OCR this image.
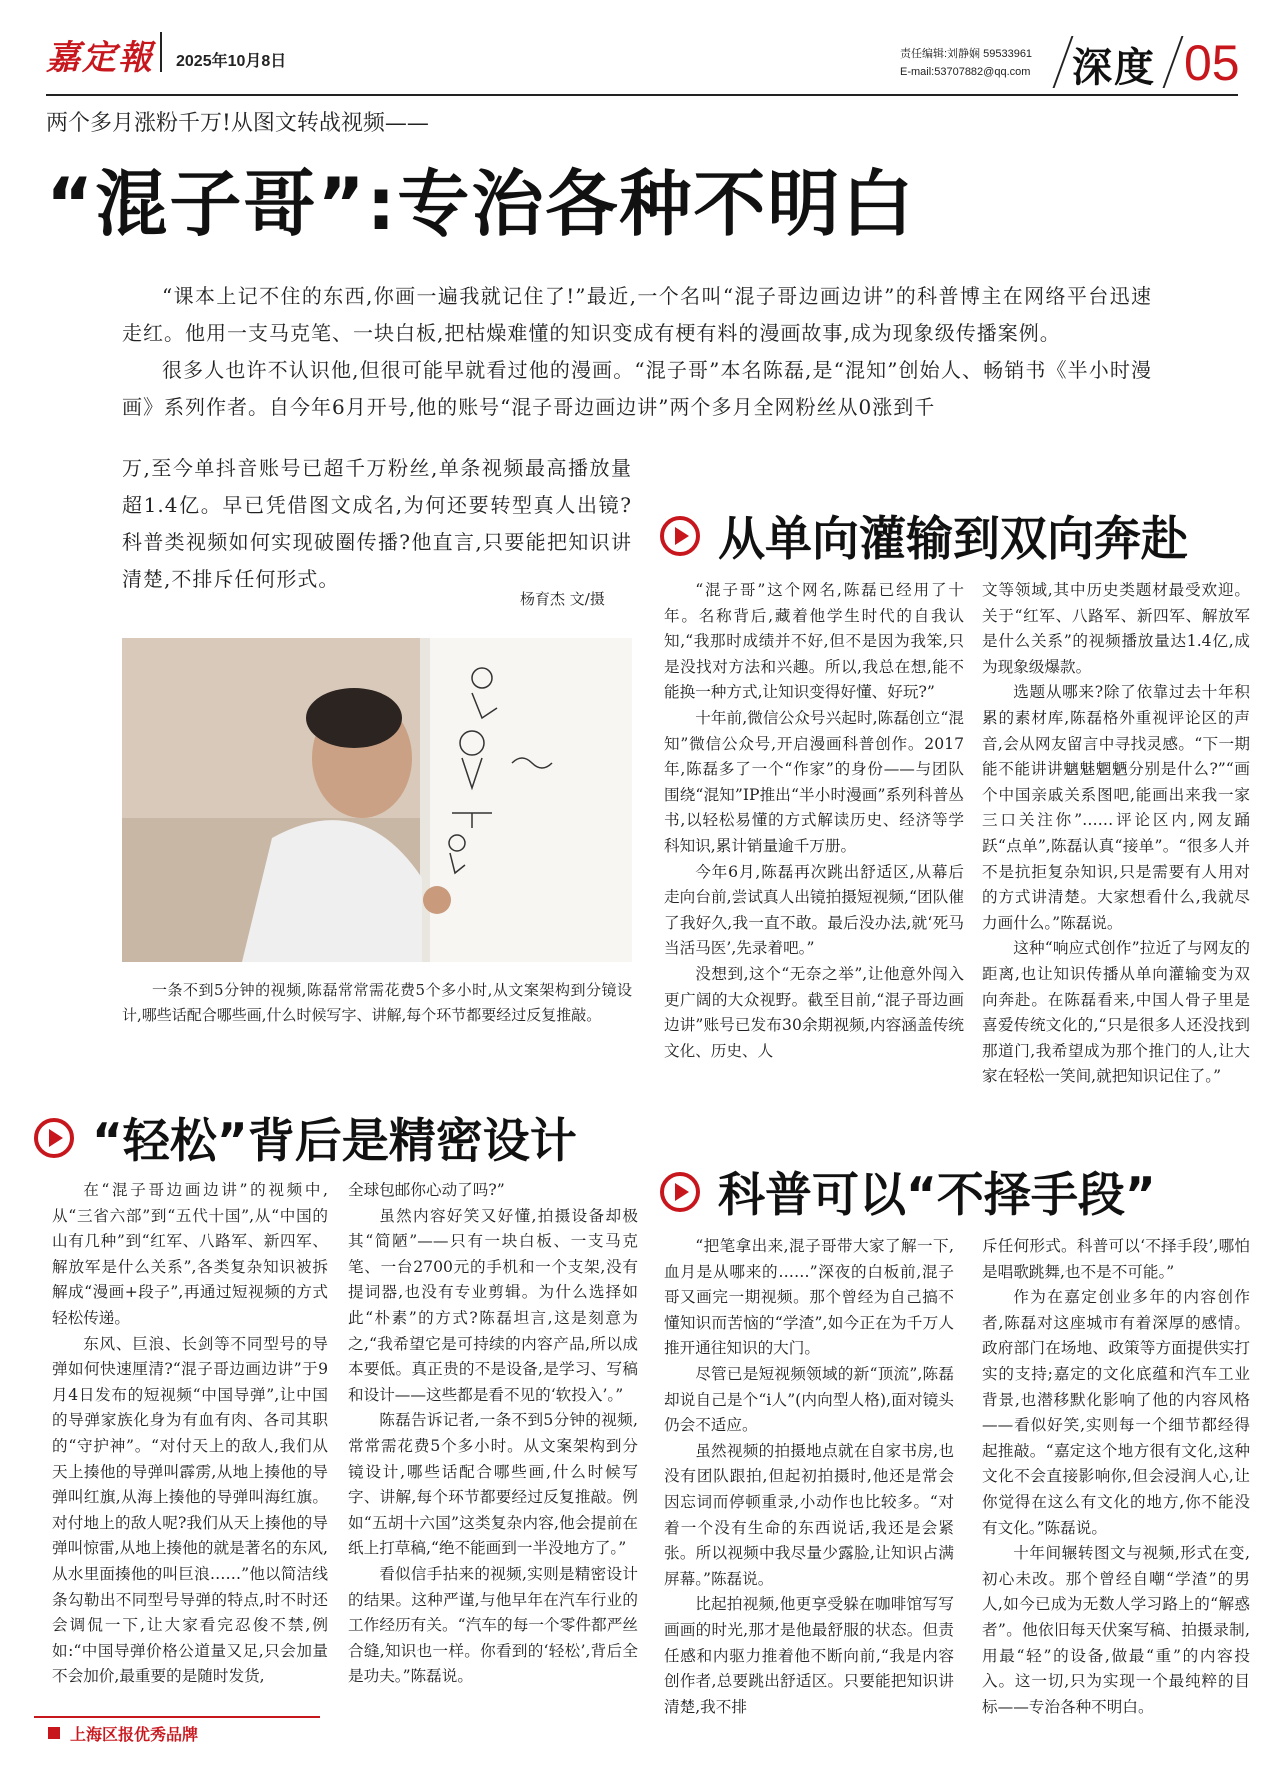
嘉定報 2025年10月8日	责任编辑:刘静娴 59533961
E-mail:53707882@qq.com	深度 05
两个多月涨粉千万!从图文转战视频——
“混子哥”:专治各种不明白

“课本上记不住的东西,你画一遍我就记住了!”最近,一个名叫“混子哥边画边讲”的科普博主在网络平台迅速走红。他用一支马克笔、一块白板,把枯燥难懂的知识变成有梗有料的漫画故事,成为现象级传播案例。

很多人也许不认识他,但很可能早就看过他的漫画。“混子哥”本名陈磊,是“混知”创始人、畅销书《半小时漫画》系列作者。自今年6月开号,他的账号“混子哥边画边讲”两个多月全网粉丝从0涨到千

万,至今单抖音账号已超千万粉丝,单条视频最高播放量超1.4亿。早已凭借图文成名,为何还要转型真人出镜?科普类视频如何实现破圈传播?他直言,只要能把知识讲清楚,不排斥任何形式。

杨育杰 文/摄
一条不到5分钟的视频,陈磊常常需花费5个多小时,从文案架构到分镜设计,哪些话配合哪些画,什么时候写字、讲解,每个环节都要经过反复推敲。
从单向灌输到双向奔赴

“混子哥”这个网名,陈磊已经用了十年。名称背后,藏着他学生时代的自我认知,“我那时成绩并不好,但不是因为我笨,只是没找对方法和兴趣。所以,我总在想,能不能换一种方式,让知识变得好懂、好玩?”

十年前,微信公众号兴起时,陈磊创立“混知”微信公众号,开启漫画科普创作。2017年,陈磊多了一个“作家”的身份——与团队围绕“混知”IP推出“半小时漫画”系列科普丛书,以轻松易懂的方式解读历史、经济等学科知识,累计销量逾千万册。

今年6月,陈磊再次跳出舒适区,从幕后走向台前,尝试真人出镜拍摄短视频,“团队催了我好久,我一直不敢。最后没办法,就‘死马当活马医’,先录着吧。”

没想到,这个“无奈之举”,让他意外闯入更广阔的大众视野。截至目前,“混子哥边画边讲”账号已发布30余期视频,内容涵盖传统文化、历史、人

文等领域,其中历史类题材最受欢迎。关于“红军、八路军、新四军、解放军是什么关系”的视频播放量达1.4亿,成为现象级爆款。

选题从哪来?除了依靠过去十年积累的素材库,陈磊格外重视评论区的声音,会从网友留言中寻找灵感。“下一期能不能讲讲魑魅魍魉分别是什么?”“画个中国亲戚关系图吧,能画出来我一家三口关注你”……评论区内,网友踊跃“点单”,陈磊认真“接单”。“很多人并不是抗拒复杂知识,只是需要有人用对的方式讲清楚。大家想看什么,我就尽力画什么。”陈磊说。

这种“响应式创作”拉近了与网友的距离,也让知识传播从单向灌输变为双向奔赴。在陈磊看来,中国人骨子里是喜爱传统文化的,“只是很多人还没找到那道门,我希望成为那个推门的人,让大家在轻松一笑间,就把知识记住了。”

“轻松”背后是精密设计

在“混子哥边画边讲”的视频中,从“三省六部”到“五代十国”,从“中国的山有几种”到“红军、八路军、新四军、解放军是什么关系”,各类复杂知识被拆解成“漫画+段子”,再通过短视频的方式轻松传递。

东风、巨浪、长剑等不同型号的导弹如何快速厘清?“混子哥边画边讲”于9月4日发布的短视频“中国导弹”,让中国的导弹家族化身为有血有肉、各司其职的“守护神”。“对付天上的敌人,我们从天上揍他的导弹叫霹雳,从地上揍他的导弹叫红旗,从海上揍他的导弹叫海红旗。对付地上的敌人呢?我们从天上揍他的导弹叫惊雷,从地上揍他的就是著名的东风,从水里面揍他的叫巨浪……”他以简洁线条勾勒出不同型号导弹的特点,时不时还会调侃一下,让大家看完忍俊不禁,例如:“中国导弹价格公道量又足,只会加量不会加价,最重要的是随时发货,

全球包邮你心动了吗?”

虽然内容好笑又好懂,拍摄设备却极其“简陋”——只有一块白板、一支马克笔、一台2700元的手机和一个支架,没有提词器,也没有专业剪辑。为什么选择如此“朴素”的方式?陈磊坦言,这是刻意为之,“我希望它是可持续的内容产品,所以成本要低。真正贵的不是设备,是学习、写稿和设计——这些都是看不见的‘软投入’。”

陈磊告诉记者,一条不到5分钟的视频,常常需花费5个多小时。从文案架构到分镜设计,哪些话配合哪些画,什么时候写字、讲解,每个环节都要经过反复推敲。例如“五胡十六国”这类复杂内容,他会提前在纸上打草稿,“绝不能画到一半没地方了。”

看似信手拈来的视频,实则是精密设计的结果。这种严谨,与他早年在汽车行业的工作经历有关。“汽车的每一个零件都严丝合缝,知识也一样。你看到的‘轻松’,背后全是功夫。”陈磊说。

科普可以“不择手段”

“把笔拿出来,混子哥带大家了解一下,血月是从哪来的……”深夜的白板前,混子哥又画完一期视频。那个曾经为自己搞不懂知识而苦恼的“学渣”,如今正在为千万人推开通往知识的大门。

尽管已是短视频领域的新“顶流”,陈磊却说自己是个“i人”(内向型人格),面对镜头仍会不适应。

虽然视频的拍摄地点就在自家书房,也没有团队跟拍,但起初拍摄时,他还是常会因忘词而停顿重录,小动作也比较多。“对着一个没有生命的东西说话,我还是会紧张。所以视频中我尽量少露脸,让知识占满屏幕。”陈磊说。

比起拍视频,他更享受躲在咖啡馆写写画画的时光,那才是他最舒服的状态。但责任感和内驱力推着他不断向前,“我是内容创作者,总要跳出舒适区。只要能把知识讲清楚,我不排

斥任何形式。科普可以‘不择手段’,哪怕是唱歌跳舞,也不是不可能。”

作为在嘉定创业多年的内容创作者,陈磊对这座城市有着深厚的感情。政府部门在场地、政策等方面提供实打实的支持;嘉定的文化底蕴和汽车工业背景,也潜移默化影响了他的内容风格——看似好笑,实则每一个细节都经得起推敲。“嘉定这个地方很有文化,这种文化不会直接影响你,但会浸润人心,让你觉得在这么有文化的地方,你不能没有文化。”陈磊说。

十年间辗转图文与视频,形式在变,初心未改。那个曾经自嘲“学渣”的男人,如今已成为无数人学习路上的“解惑者”。他依旧每天伏案写稿、拍摄录制,用最“轻”的设备,做最“重”的内容投入。这一切,只为实现一个最纯粹的目标——专治各种不明白。

上海区报优秀品牌
